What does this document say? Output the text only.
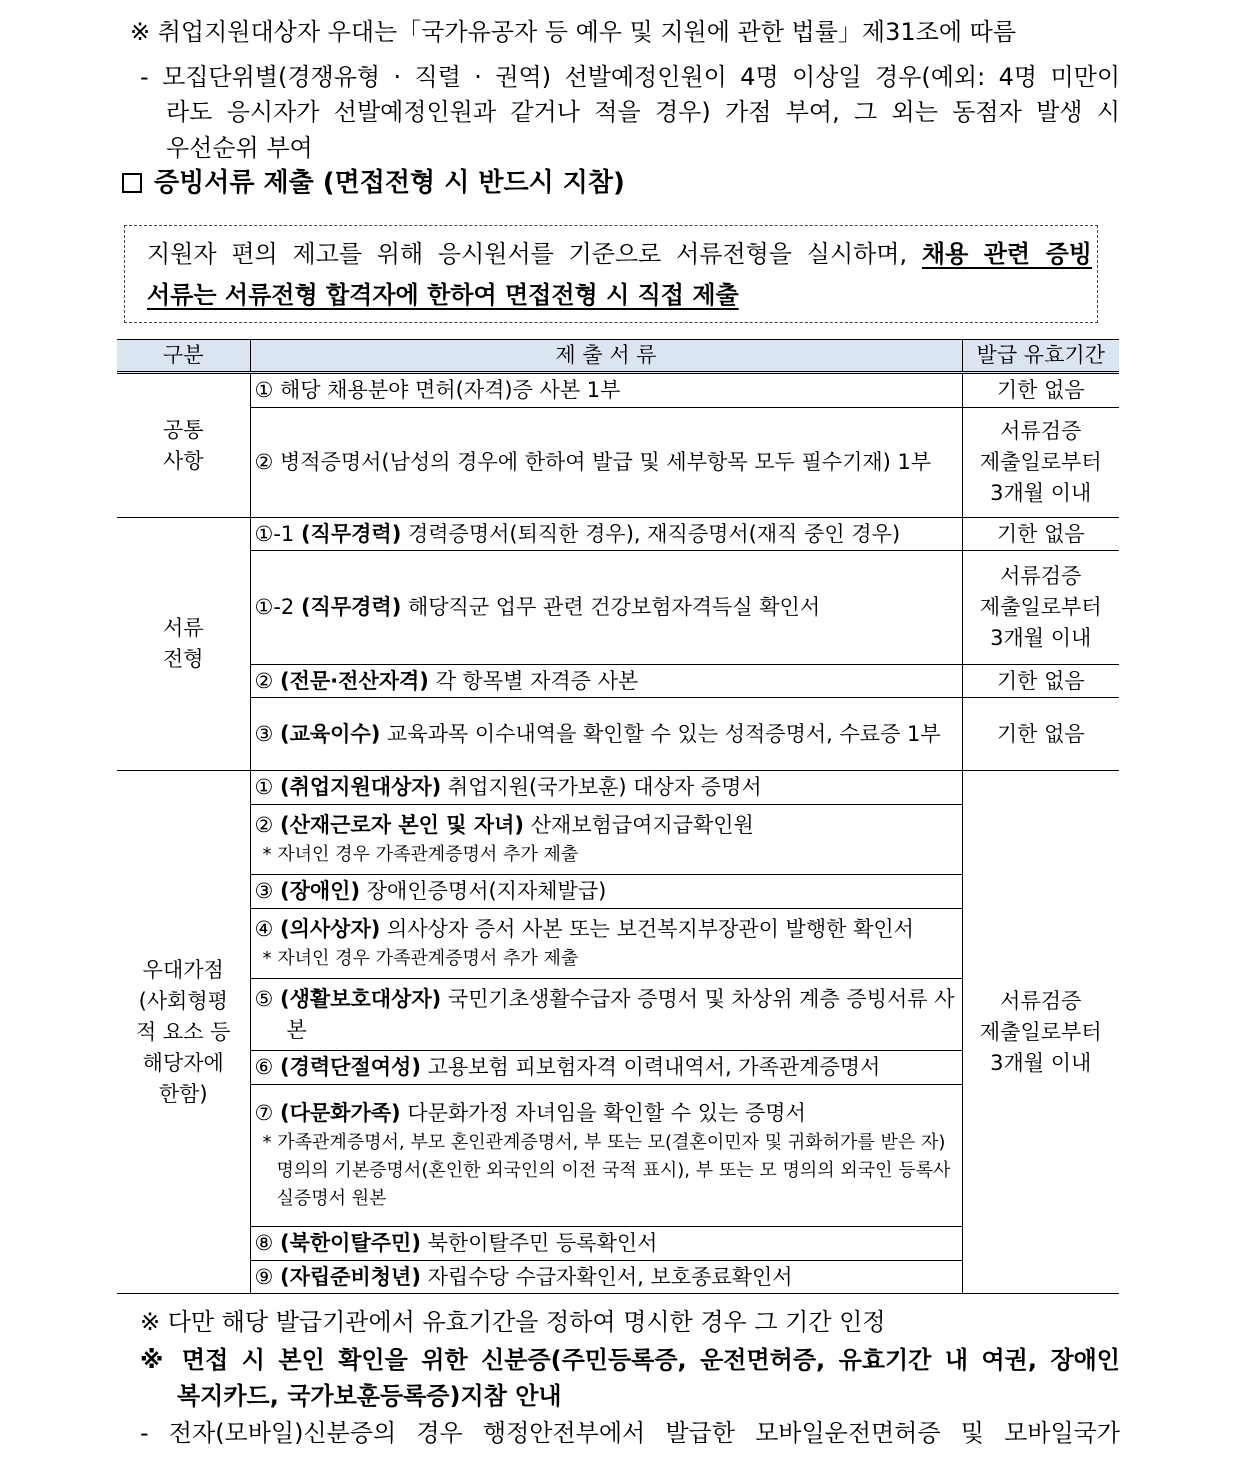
※ 취업지원대상자 우대는「국가유공자 등 예우 및 지원에 관한 법률」제31조에 따름
- 모집단위별(경쟁유형 · 직렬 · 권역) 선발예정인원이 4명 이상일 경우(예외: 4명 미만이
라도 응시자가 선발예정인원과 같거나 적을 경우) 가점 부여, 그 외는 동점자 발생 시
우선순위 부여
증빙서류 제출 (면접전형 시 반드시 지참)
지원자 편의 제고를 위해 응시원서를 기준으로 서류전형을 실시하며, 채용 관련 증빙
서류는 서류전형 합격자에 한하여 면접전형 시 직접 제출
구분	제 출 서 류	발급 유효기간
공통
사항	① 해당 채용분야 면허(자격)증 사본 1부	기한 없음
	② 병적증명서(남성의 경우에 한하여 발급 및 세부항목 모두 필수기재) 1부	서류검증
제출일로부터
3개월 이내
서류
전형	①-1 (직무경력) 경력증명서(퇴직한 경우), 재직증명서(재직 중인 경우)	기한 없음

	①-2 (직무경력) 해당직군 업무 관련 건강보험자격득실 확인서	서류검증
제출일로부터
3개월 이내

	② (전문·전산자격) 각 항목별 자격증 사본	기한 없음

	③ (교육이수) 교육과목 이수내역을 확인할 수 있는 성적증명서, 수료증 1부	기한 없음
우대가점
(사회형평
적 요소 등
해당자에
한함)	① (취업지원대상자) 취업지원(국가보훈) 대상자 증명서	서류검증
제출일로부터
3개월 이내

	② (산재근로자 본인 및 자녀) 산재보험급여지급확인원
* 자녀인 경우 가족관계증명서 추가 제출	

	③ (장애인) 장애인증명서(지자체발급)	

	④ (의사상자) 의사상자 증서 사본 또는 보건복지부장관이 발행한 확인서
* 자녀인 경우 가족관계증명서 추가 제출	

	⑤ (생활보호대상자) 국민기초생활수급자 증명서 및 차상위 계층 증빙서류 사본	

	⑥ (경력단절여성) 고용보험 피보험자격 이력내역서, 가족관계증명서	

	⑦ (다문화가족) 다문화가정 자녀임을 확인할 수 있는 증명서
* 가족관계증명서, 부모 혼인관계증명서, 부 또는 모(결혼이민자 및 귀화허가를 받은 자) 명의의 기본증명서(혼인한 외국인의 이전 국적 표시), 부 또는 모 명의의 외국인 등록사실증명서 원본	

	⑧ (북한이탈주민) 북한이탈주민 등록확인서	

	⑨ (자립준비청년) 자립수당 수급자확인서, 보호종료확인서	
※ 다만 해당 발급기관에서 유효기간을 정하여 명시한 경우 그 기간 인정
※ 면접 시 본인 확인을 위한 신분증(주민등록증, 운전면허증, 유효기간 내 여권, 장애인
복지카드, 국가보훈등록증)지참 안내
- 전자(모바일)신분증의 경우 행정안전부에서 발급한 모바일운전면허증 및 모바일국가
